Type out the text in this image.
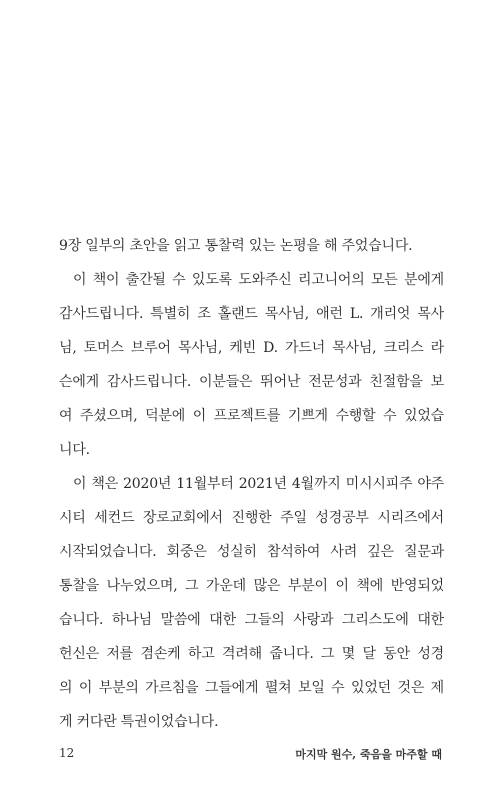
9장 일부의 초안을 읽고 통찰력 있는 논평을 해 주었습니다.
이 책이 출간될 수 있도록 도와주신 리고니어의 모든 분에게
감사드립니다. 특별히 조 홀랜드 목사님, 애런 L. 개리엇 목사
님, 토머스 브루어 목사님, 케빈 D. 가드너 목사님, 크리스 라
슨에게 감사드립니다. 이분들은 뛰어난 전문성과 친절함을 보
여 주셨으며, 덕분에 이 프로젝트를 기쁘게 수행할 수 있었습
니다.
이 책은 2020년 11월부터 2021년 4월까지 미시시피주 야주
시티 세컨드 장로교회에서 진행한 주일 성경공부 시리즈에서
시작되었습니다. 회중은 성실히 참석하여 사려 깊은 질문과
통찰을 나누었으며, 그 가운데 많은 부분이 이 책에 반영되었
습니다. 하나님 말씀에 대한 그들의 사랑과 그리스도에 대한
헌신은 저를 겸손케 하고 격려해 줍니다. 그 몇 달 동안 성경
의 이 부분의 가르침을 그들에게 펼쳐 보일 수 있었던 것은 제
게 커다란 특권이었습니다.
12	마지막 원수, 죽음을 마주할 때
